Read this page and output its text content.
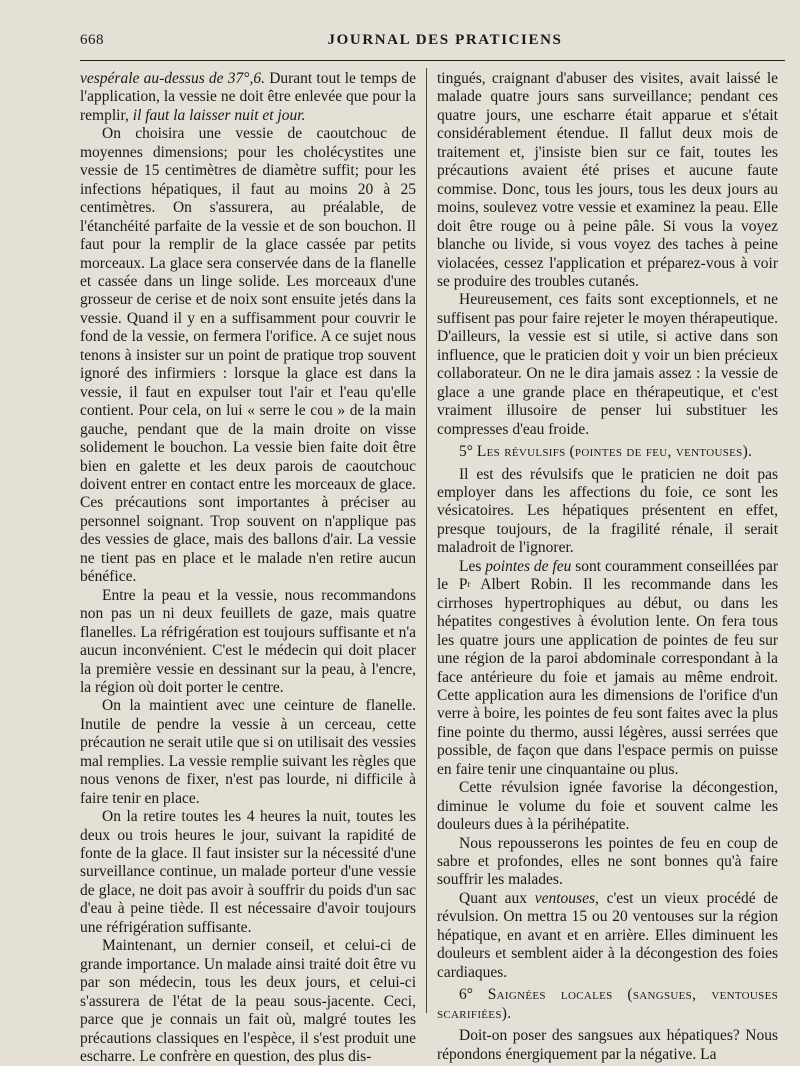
668	JOURNAL DES PRATICIENS

vespérale au-dessus de 37°,6. Durant tout le temps de l'application, la vessie ne doit être enlevée que pour la remplir, il faut la laisser nuit et jour.

On choisira une vessie de caoutchouc de moyennes dimensions; pour les cholécystites une vessie de 15 centimètres de diamètre suffit; pour les infections hépatiques, il faut au moins 20 à 25 centimètres. On s'assurera, au préalable, de l'étanchéité parfaite de la vessie et de son bouchon. Il faut pour la remplir de la glace cassée par petits morceaux. La glace sera conservée dans de la flanelle et cassée dans un linge solide. Les morceaux d'une grosseur de cerise et de noix sont ensuite jetés dans la vessie. Quand il y en a suffisamment pour couvrir le fond de la vessie, on fermera l'orifice. A ce sujet nous tenons à insister sur un point de pratique trop souvent ignoré des infirmiers : lorsque la glace est dans la vessie, il faut en expulser tout l'air et l'eau qu'elle contient. Pour cela, on lui « serre le cou » de la main gauche, pendant que de la main droite on visse solidement le bouchon. La vessie bien faite doit être bien en galette et les deux parois de caoutchouc doivent entrer en contact entre les morceaux de glace. Ces précautions sont importantes à préciser au personnel soignant. Trop souvent on n'applique pas des vessies de glace, mais des ballons d'air. La vessie ne tient pas en place et le malade n'en retire aucun bénéfice.

Entre la peau et la vessie, nous recommandons non pas un ni deux feuillets de gaze, mais quatre flanelles. La réfrigération est toujours suffisante et n'a aucun inconvénient. C'est le médecin qui doit placer la première vessie en dessinant sur la peau, à l'encre, la région où doit porter le centre.

On la maintient avec une ceinture de flanelle. Inutile de pendre la vessie à un cerceau, cette précaution ne serait utile que si on utilisait des vessies mal remplies. La vessie remplie suivant les règles que nous venons de fixer, n'est pas lourde, ni difficile à faire tenir en place.

On la retire toutes les 4 heures la nuit, toutes les deux ou trois heures le jour, suivant la rapidité de fonte de la glace. Il faut insister sur la nécessité d'une surveillance continue, un malade porteur d'une vessie de glace, ne doit pas avoir à souffrir du poids d'un sac d'eau à peine tiède. Il est nécessaire d'avoir toujours une réfrigération suffisante.

Maintenant, un dernier conseil, et celui-ci de grande importance. Un malade ainsi traité doit être vu par son médecin, tous les deux jours, et celui-ci s'assurera de l'état de la peau sous-jacente. Ceci, parce que je connais un fait où, malgré toutes les précautions classiques en l'espèce, il s'est produit une escharre. Le confrère en question, des plus dis-

tingués, craignant d'abuser des visites, avait laissé le malade quatre jours sans surveillance; pendant ces quatre jours, une escharre était apparue et s'était considérablement étendue. Il fallut deux mois de traitement et, j'insiste bien sur ce fait, toutes les précautions avaient été prises et aucune faute commise. Donc, tous les jours, tous les deux jours au moins, soulevez votre vessie et examinez la peau. Elle doit être rouge ou à peine pâle. Si vous la voyez blanche ou livide, si vous voyez des taches à peine violacées, cessez l'application et préparez-vous à voir se produire des troubles cutanés.

Heureusement, ces faits sont exceptionnels, et ne suffisent pas pour faire rejeter le moyen thérapeutique. D'ailleurs, la vessie est si utile, si active dans son influence, que le praticien doit y voir un bien précieux collaborateur. On ne le dira jamais assez : la vessie de glace a une grande place en thérapeutique, et c'est vraiment illusoire de penser lui substituer les compresses d'eau froide.

5° Les révulsifs (pointes de feu, ventouses).

Il est des révulsifs que le praticien ne doit pas employer dans les affections du foie, ce sont les vésicatoires. Les hépatiques présentent en effet, presque toujours, de la fragilité rénale, il serait maladroit de l'ignorer.

Les pointes de feu sont couramment conseillées par le $P^r$ Albert Robin. Il les recommande dans les cirrhoses hypertrophiques au début, ou dans les hépatites congestives à évolution lente. On fera tous les quatre jours une application de pointes de feu sur une région de la paroi abdominale correspondant à la face antérieure du foie et jamais au même endroit. Cette application aura les dimensions de l'orifice d'un verre à boire, les pointes de feu sont faites avec la plus fine pointe du thermo, aussi légères, aussi serrées que possible, de façon que dans l'espace permis on puisse en faire tenir une cinquantaine ou plus.

Cette révulsion ignée favorise la décongestion, diminue le volume du foie et souvent calme les douleurs dues à la périhépatite.

Nous repousserons les pointes de feu en coup de sabre et profondes, elles ne sont bonnes qu'à faire souffrir les malades.

Quant aux ventouses, c'est un vieux procédé de révulsion. On mettra 15 ou 20 ventouses sur la région hépatique, en avant et en arrière. Elles diminuent les douleurs et semblent aider à la décongestion des foies cardiaques.

6° Saignées locales (sangsues, ventouses scarifiées).

Doit-on poser des sangsues aux hépatiques? Nous répondons énergiquement par la négative. La
